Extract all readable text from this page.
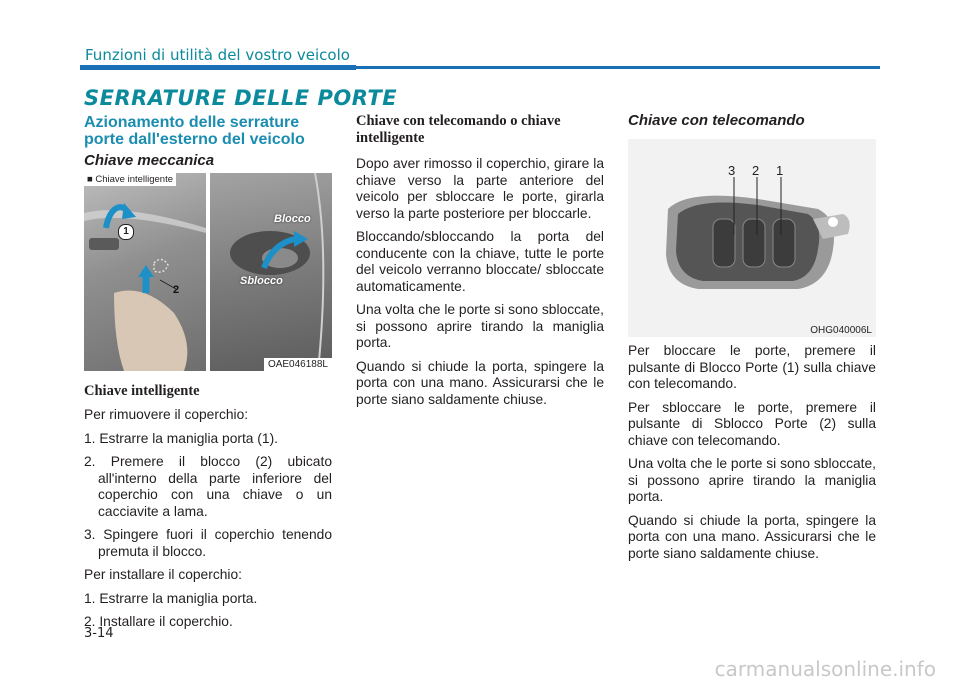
Funzioni di utilità del vostro veicolo
SERRATURE DELLE PORTE
Azionamento delle serrature porte dall'esterno del veicolo
Chiave meccanica
1
2
■ Chiave intelligente
Blocco
Sblocco
OAE046188L

Chiave intelligente

Per rimuovere il coperchio:

1. Estrarre la maniglia porta (1).

2. Premere il blocco (2) ubicato all'interno della parte inferiore del coperchio con una chiave o un cacciavite a lama.

3. Spingere fuori il coperchio tenendo premuta il blocco.

Per installare il coperchio:

1. Estrarre la maniglia porta.

2. Installare il coperchio.

Chiave con telecomando o chiave intelligente

Dopo aver rimosso il coperchio, girare la chiave verso la parte anteriore del veicolo per sbloccare le porte, girarla verso la parte posteriore per bloccarle.

Bloccando/sbloccando la porta del conducente con la chiave, tutte le porte del veicolo verranno bloccate/ sbloccate automaticamente.

Una volta che le porte si sono sbloccate, si possono aprire tirando la maniglia porta.

Quando si chiude la porta, spingere la porta con una mano. Assicurarsi che le porte siano saldamente chiuse.

Chiave con telecomando
3 2 1
OHG040006L

Per bloccare le porte, premere il pulsante di Blocco Porte (1) sulla chiave con telecomando.

Per sbloccare le porte, premere il pulsante di Sblocco Porte (2) sulla chiave con telecomando.

Una volta che le porte si sono sbloccate, si possono aprire tirando la maniglia porta.

Quando si chiude la porta, spingere la porta con una mano. Assicurarsi che le porte siano saldamente chiuse.

3-14
carmanualsonline.info
